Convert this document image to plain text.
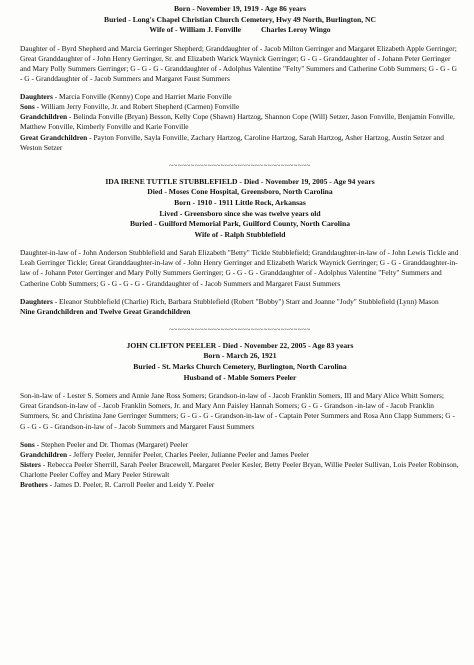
Born - November 19, 1919 - Age 86 years
Buried - Long's Chapel Christian Church Cemetery, Hwy 49 North, Burlington, NC
Wife of - William J. Fonville	Charles Leroy Wingo

Daughter of - Byrd Shepherd and Marcia Gerringer Shepherd; Granddaughter of - Jacob Milton Gerringer and Margaret Elizabeth Apple Gerringer; Great Granddaughter of - John Henry Gerringer, Sr. and Elizabeth Warick Waynick Gerringer; G - G - Granddaughter of - Johann Peter Gerringer and Mary Polly Summers Gerringer; G - G - G - Granddaughter of - Adolphus Valentine "Felty" Summers and Catherine Cobb Summers; G - G - G - G - Granddaughter of - Jacob Summers and Margaret Faust Summers

Daughters - Marcia Fonville (Kenny) Cope and Harriet Marie Fonville

Sons - William Jerry Fonville, Jr. and Robert Shepherd (Carmen) Fonville

Grandchildren - Belinda Fonville (Bryan) Besson, Kelly Cope (Shawn) Hartzog, Shannon Cope (Will) Setzer, Jason Fonville, Benjamin Fonville, Matthew Fonville, Kimberly Fonville and Karie Fonville

Great Grandchildren - Payton Fonville, Sayla Fonville, Zachary Hartzog, Caroline Hartzog, Sarah Hartzog, Asher Hartzog, Austin Setzer and Weston Setzer

~~~~~~~~~~~~~~~~~~~~~~~~~~~~~~~~~
IDA IRENE TUTTLE STUBBLEFIELD - Died - November 19, 2005 - Age 94 years
Died - Moses Cone Hospital, Greensboro, North Carolina
Born - 1910 - 1911 Little Rock, Arkansas
Lived - Greensboro since she was twelve years old
Buried - Guilford Memorial Park, Guilford County, North Carolina
Wife of - Ralph Stubblefield

Daughter-in-law of - John Anderson Stubblefield and Sarah Elizabeth "Betty" Tickle Stubblefield; Granddaughter-in-law of - John Lewis Tickle and Leah Gerringer Tickle; Great Granddaughter-in-law of - John Henry Gerringer and Elizabeth Warick Waynick Gerringer; G - G - Granddaughter-in-law of - Johann Peter Gerringer and Mary Polly Summers Gerringer; G - G - G - Granddaughter of - Adolphus Valentine "Felty" Summers and Catherine Cobb Summers; G - G - G - G - Granddaughter of - Jacob Summers and Margaret Faust Summers

Daughters - Eleanor Stubblefield (Charlie) Rich, Barbara Stubblefield (Robert "Bobby") Starr and Joanne "Jody" Stubblefield (Lynn) Mason

Nine Grandchildren and Twelve Great Grandchildren

~~~~~~~~~~~~~~~~~~~~~~~~~~~~~~~~~
JOHN CLIFTON PEELER - Died - November 22, 2005 - Age 83 years
Born - March 26, 1921
Buried - St. Marks Church Cemetery, Burlington, North Carolina
Husband of - Mable Somers Peeler

Son-in-law of - Lester S. Somers and Annie Jane Ross Somers; Grandson-in-law of - Jacob Franklin Somers, III and Mary Alice Whitt Somers; Great Grandson-in-law of - Jacob Franklin Somers, Jr. and Mary Ann Paisley Hannah Somers; G - G - Grandson -in-law of - Jacob Franklin Summers, Sr. and Christina Jane Gerringer Summers; G - G - G - Grandson-in-law of - Captain Peter Summers and Rosa Ann Clapp Summers; G - G - G - G - Grandson-in-law of - Jacob Summers and Margaret Faust Summers

Sons - Stephen Peeler and Dr. Thomas (Margaret) Peeler

Grandchildren - Jeffery Peeler, Jennifer Peeler, Charles Peeler, Julianne Peeler and James Peeler

Sisters - Rebecca Peeler Sherrill, Sarah Peeler Bracewell, Margaret Peeler Kesler, Betty Peeler Bryan, Willie Peeler Sullivan, Lois Peeler Robinson, Charlotte Peeler Coffey and Mary Peeler Stirewalt

Brothers - James D. Peeler, R. Carroll Peeler and Leidy Y. Peeler
